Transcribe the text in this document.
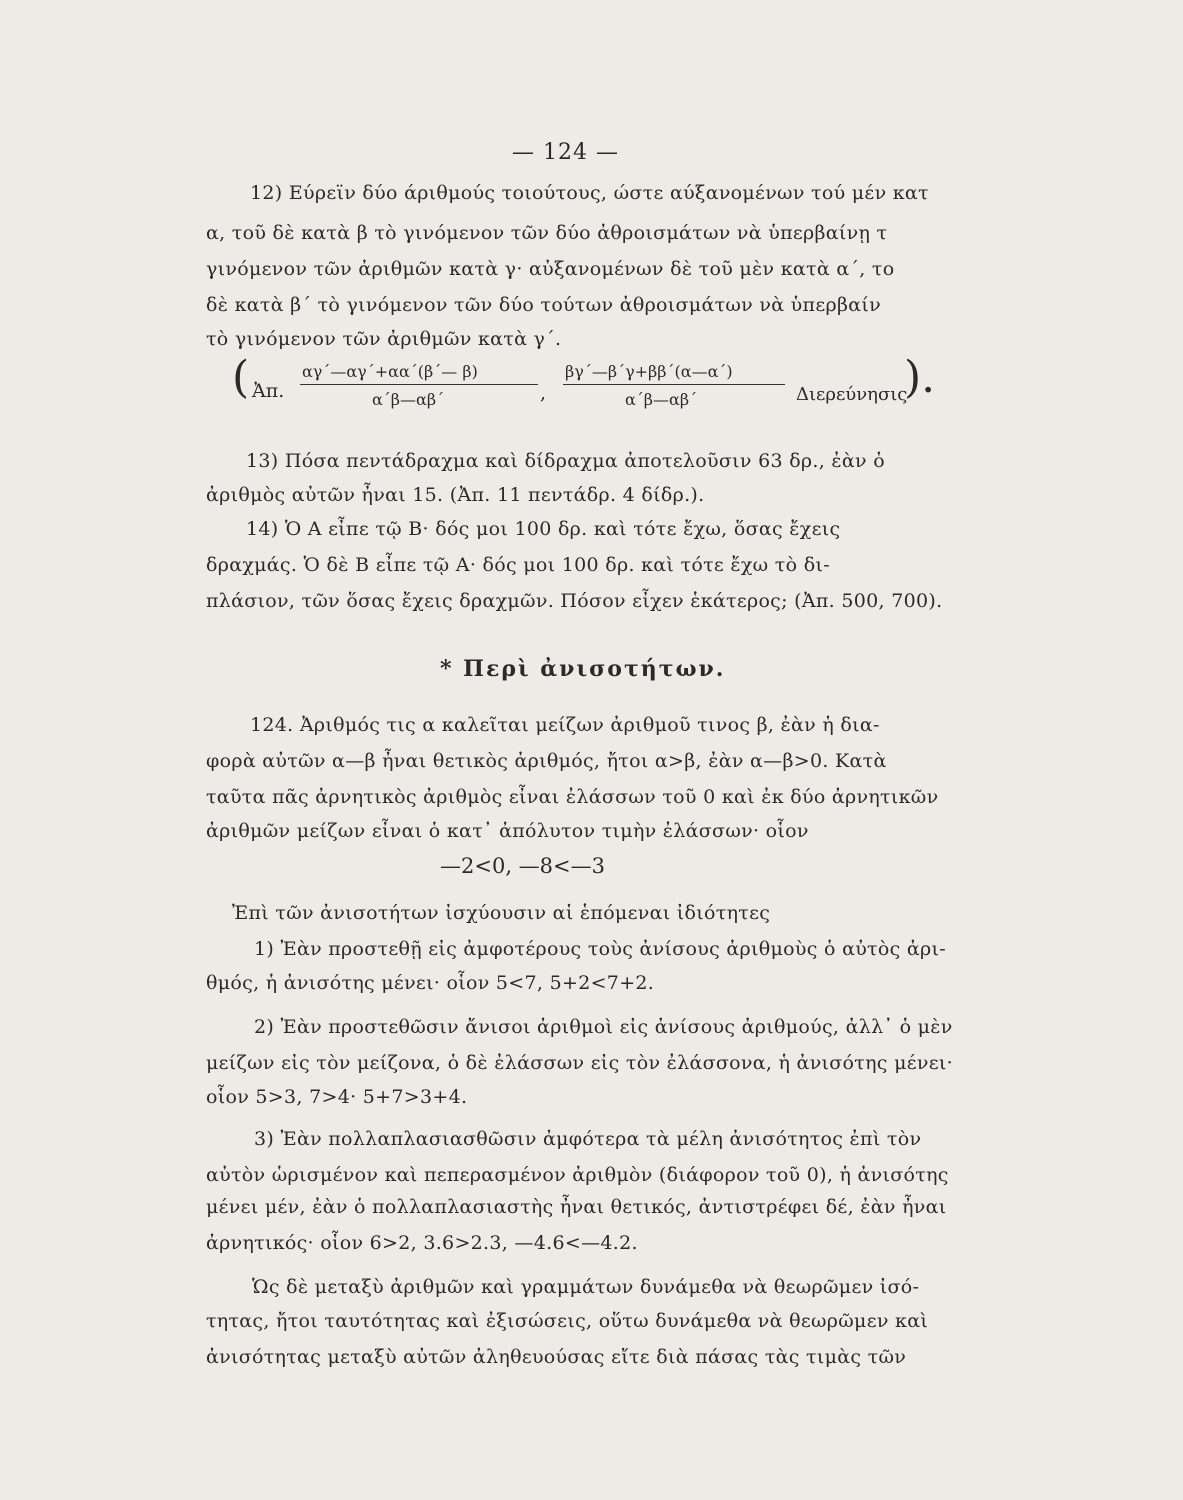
— 124 —
12) Εύρεϊν δύο άριθμούς τοιούτους, ώστε αύξανομένων τού μέν κατ
α, τοῦ δὲ κατὰ β τὸ γινόμενον τῶν δύο ἀθροισμάτων νὰ ὑπερβαίνῃ τ
γινόμενον τῶν ἀριθμῶν κατὰ γ· αὐξανομένων δὲ τοῦ μὲν κατὰ α΄, το
δὲ κατὰ β΄ τὸ γινόμενον τῶν δύο τούτων ἀθροισμάτων νὰ ὑπερβαίν
τὸ γινόμενον τῶν ἀριθμῶν κατὰ γ΄.
( Ἀπ.
αγ΄—αγ΄+αα΄(β΄— β)
α΄β—αβ΄	,
βγ΄—β΄γ+ββ΄(α—α΄)
α΄β—αβ΄	Διερεύνησις
).
13) Πόσα πεντάδραχμα καὶ δίδραχμα ἀποτελοῦσιν 63 δρ., ἐὰν ὁ
ἀριθμὸς αὐτῶν ἦναι 15. (Ἀπ. 11 πεντάδρ. 4 δίδρ.).
14) Ὁ Α εἶπε τῷ Β· δός μοι 100 δρ. καὶ τότε ἔχω, ὅσας ἔχεις
δραχμάς. Ὁ δὲ Β εἶπε τῷ Α· δός μοι 100 δρ. καὶ τότε ἔχω τὸ δι-
πλάσιον, τῶν ὅσας ἔχεις δραχμῶν. Πόσον εἶχεν ἑκάτερος; (Ἀπ. 500, 700).
* Περὶ ἀνισοτήτων.
124. Ἀριθμός τις α καλεῖται μείζων ἀριθμοῦ τινος β, ἐὰν ἡ δια-
φορὰ αὐτῶν α—β ἦναι θετικὸς ἀριθμός, ἤτοι α>β, ἐὰν α—β>0. Κατὰ
ταῦτα πᾶς ἀρνητικὸς ἀριθμὸς εἶναι ἐλάσσων τοῦ 0 καὶ ἐκ δύο ἀρνητικῶν
ἀριθμῶν μείζων εἶναι ὁ κατ᾽ ἀπόλυτον τιμὴν ἐλάσσων· οἷον
—2<0, —8<—3
Ἐπὶ τῶν ἀνισοτήτων ἰσχύουσιν αἱ ἑπόμεναι ἰδιότητες
1) Ἐὰν προστεθῇ εἰς ἀμφοτέρους τοὺς ἀνίσους ἀριθμοὺς ὁ αὐτὸς ἀρι-
θμός, ἡ ἀνισότης μένει· οἷον 5<7, 5+2<7+2.
2) Ἐὰν προστεθῶσιν ἄνισοι ἀριθμοὶ εἰς ἀνίσους ἀριθμούς, ἀλλ᾽ ὁ μὲν
μείζων εἰς τὸν μείζονα, ὁ δὲ ἐλάσσων εἰς τὸν ἐλάσσονα, ἡ ἀνισότης μένει·
οἷον 5>3, 7>4· 5+7>3+4.
3) Ἐὰν πολλαπλασιασθῶσιν ἀμφότερα τὰ μέλη ἀνισότητος ἐπὶ τὸν
αὐτὸν ὡρισμένον καὶ πεπερασμένον ἀριθμὸν (διάφορον τοῦ 0), ἡ ἀνισότης
μένει μέν, ἐὰν ὁ πολλαπλασιαστὴς ἦναι θετικός, ἀντιστρέφει δέ, ἐὰν ἦναι
ἀρνητικός· οἷον 6>2, 3.6>2.3, —4.6<—4.2.
Ὡς δὲ μεταξὺ ἀριθμῶν καὶ γραμμάτων δυνάμεθα νὰ θεωρῶμεν ἰσό-
τητας, ἤτοι ταυτότητας καὶ ἐξισώσεις, οὕτω δυνάμεθα νὰ θεωρῶμεν καὶ
ἀνισότητας μεταξὺ αὐτῶν ἀληθευούσας εἴτε διὰ πάσας τὰς τιμὰς τῶν
